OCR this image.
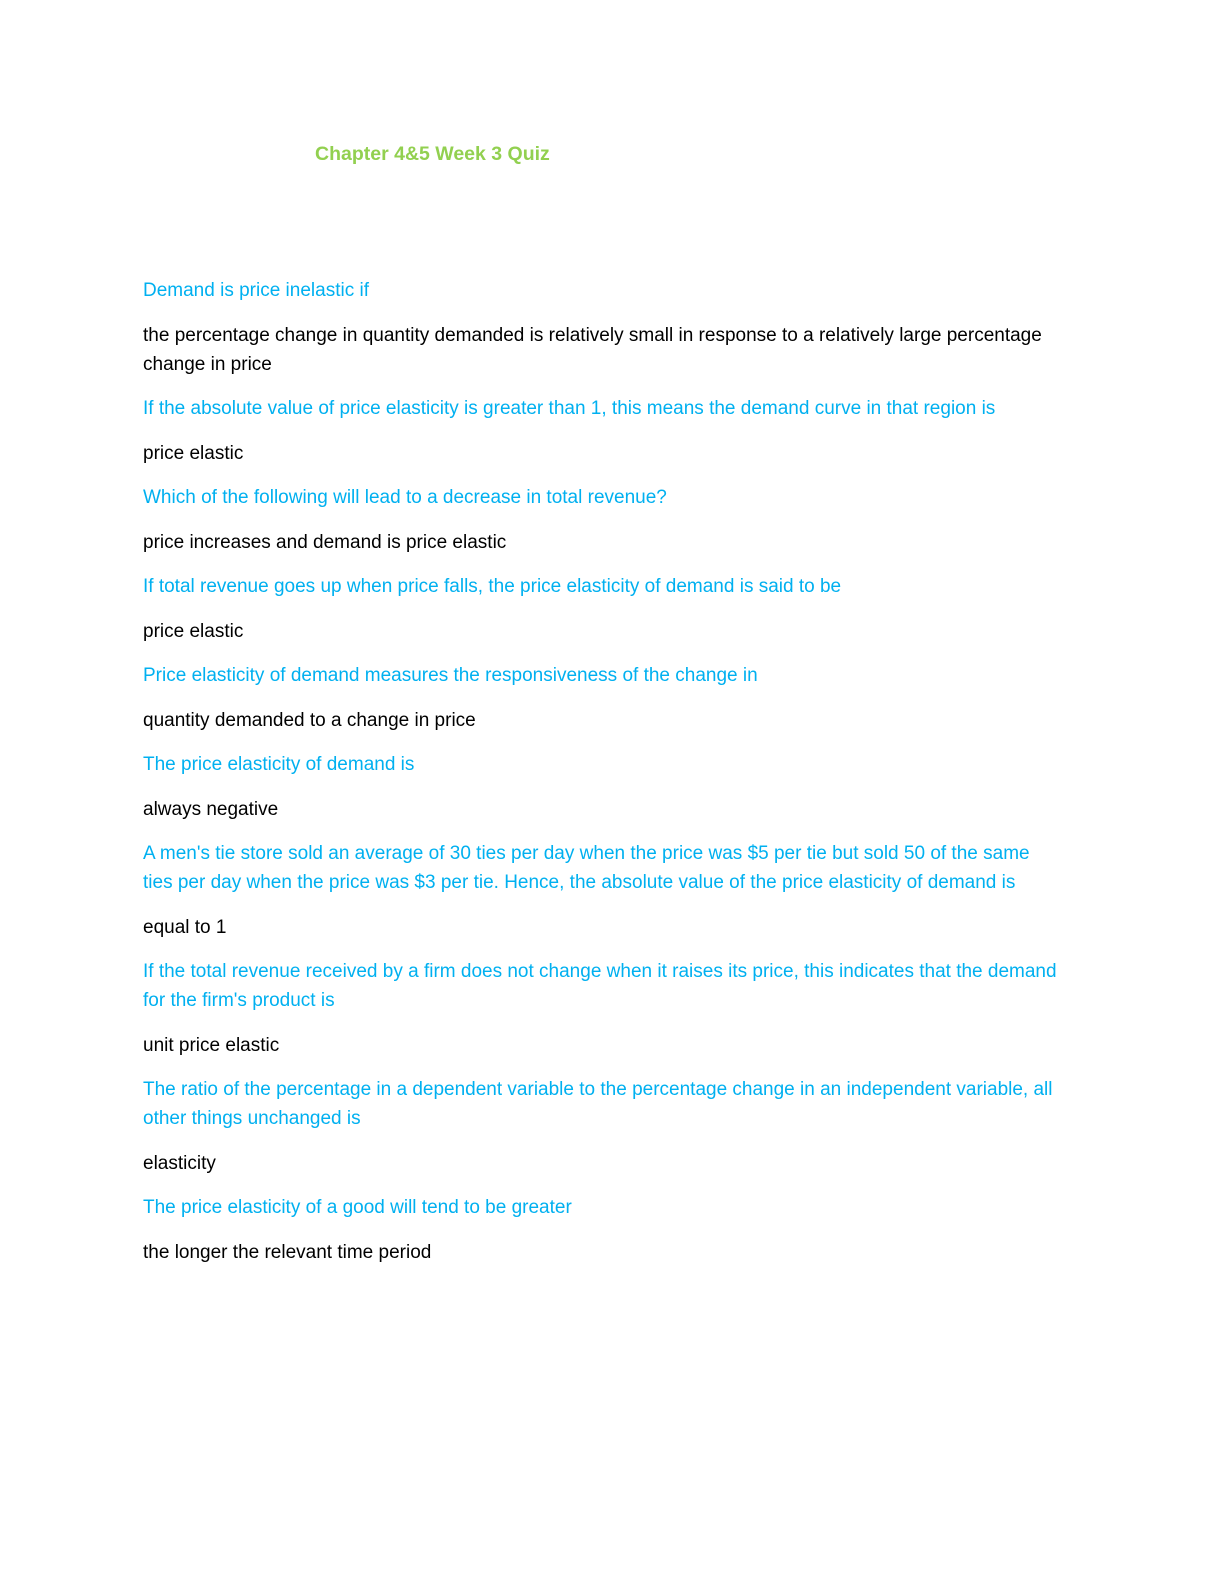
Chapter 4&5 Week 3 Quiz

Demand is price inelastic if

the percentage change in quantity demanded is relatively small in response to a relatively large percentage change in price

If the absolute value of price elasticity is greater than 1, this means the demand curve in that region is

price elastic

Which of the following will lead to a decrease in total revenue?

price increases and demand is price elastic

If total revenue goes up when price falls, the price elasticity of demand is said to be

price elastic

Price elasticity of demand measures the responsiveness of the change in

quantity demanded to a change in price

The price elasticity of demand is

always negative

A men's tie store sold an average of 30 ties per day when the price was $5 per tie but sold 50 of the same ties per day when the price was $3 per tie. Hence, the absolute value of the price elasticity of demand is

equal to 1

If the total revenue received by a firm does not change when it raises its price, this indicates that the demand for the firm's product is

unit price elastic

The ratio of the percentage in a dependent variable to the percentage change in an independent variable, all other things unchanged is

elasticity

The price elasticity of a good will tend to be greater

the longer the relevant time period
